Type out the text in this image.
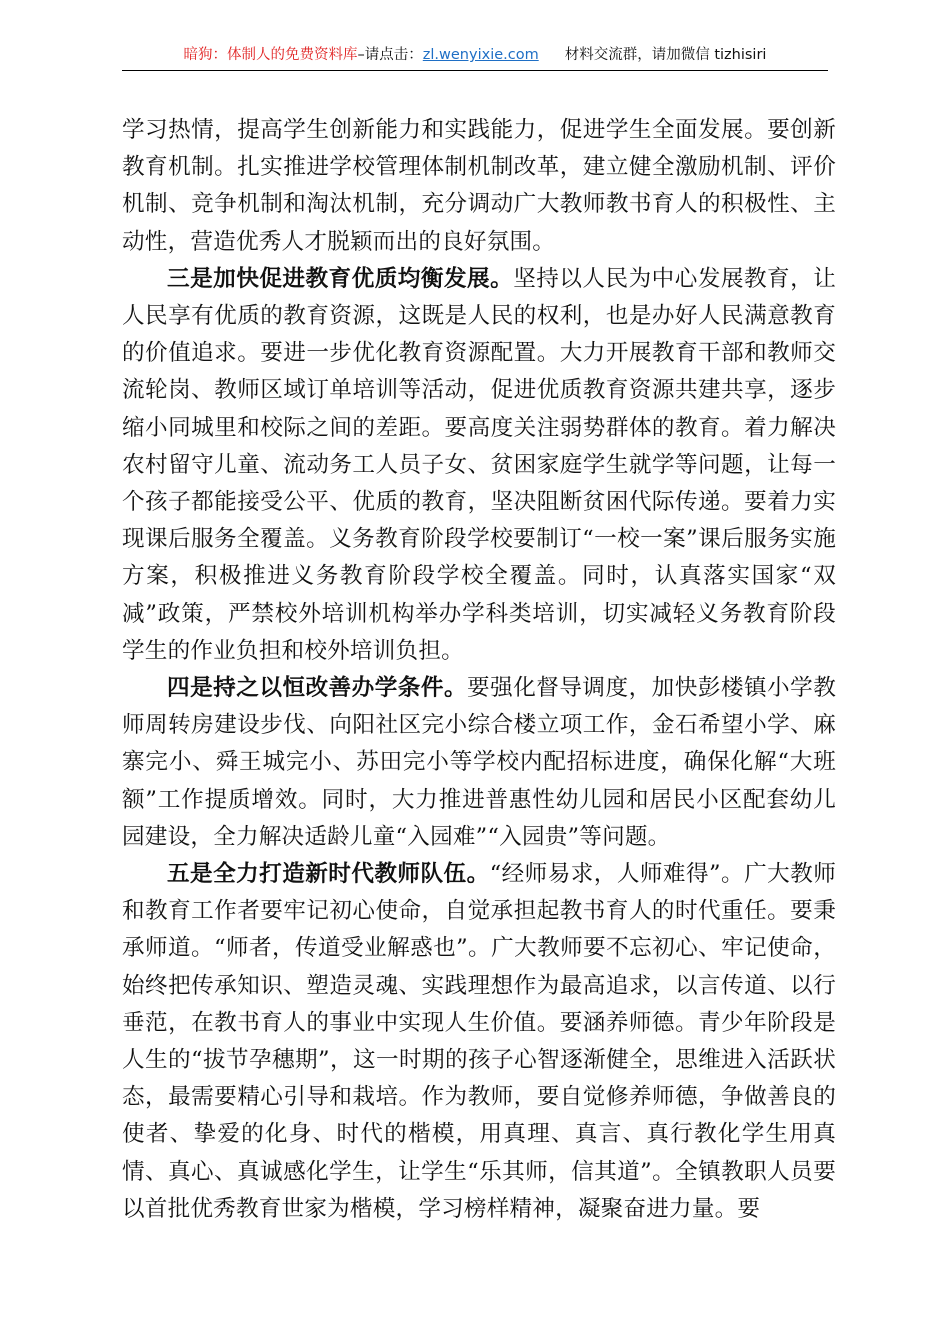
暗狗：体制人的免费资料库–请点击：zl.wenyixie.com 材料交流群，请加微信 tizhisiri

学习热情，提高学生创新能力和实践能力，促进学生全面发展。要创新教育机制。扎实推进学校管理体制机制改革，建立健全激励机制、评价机制、竞争机制和淘汰机制，充分调动广大教师教书育人的积极性、主动性，营造优秀人才脱颖而出的良好氛围。

三是加快促进教育优质均衡发展。坚持以人民为中心发展教育，让人民享有优质的教育资源，这既是人民的权利，也是办好人民满意教育的价值追求。要进一步优化教育资源配置。大力开展教育干部和教师交流轮岗、教师区域订单培训等活动，促进优质教育资源共建共享，逐步缩小同城里和校际之间的差距。要高度关注弱势群体的教育。着力解决农村留守儿童、流动务工人员子女、贫困家庭学生就学等问题，让每一个孩子都能接受公平、优质的教育，坚决阻断贫困代际传递。要着力实现课后服务全覆盖。义务教育阶段学校要制订“一校一案”课后服务实施方案，积极推进义务教育阶段学校全覆盖。同时，认真落实国家“双减”政策，严禁校外培训机构举办学科类培训，切实减轻义务教育阶段学生的作业负担和校外培训负担。

四是持之以恒改善办学条件。要强化督导调度，加快彭楼镇小学教师周转房建设步伐、向阳社区完小综合楼立项工作，金石希望小学、麻寨完小、舜王城完小、苏田完小等学校内配招标进度，确保化解“大班额”工作提质增效。同时，大力推进普惠性幼儿园和居民小区配套幼儿园建设，全力解决适龄儿童“入园难”“入园贵”等问题。

五是全力打造新时代教师队伍。“经师易求，人师难得”。广大教师和教育工作者要牢记初心使命，自觉承担起教书育人的时代重任。要秉承师道。“师者，传道受业解惑也”。广大教师要不忘初心、牢记使命，始终把传承知识、塑造灵魂、实践理想作为最高追求，以言传道、以行垂范，在教书育人的事业中实现人生价值。要涵养师德。青少年阶段是人生的“拔节孕穗期”，这一时期的孩子心智逐渐健全，思维进入活跃状态，最需要精心引导和栽培。作为教师，要自觉修养师德，争做善良的使者、挚爱的化身、时代的楷模，用真理、真言、真行教化学生用真情、真心、真诚感化学生，让学生“乐其师，信其道”。全镇教职人员要以首批优秀教育世家为楷模，学习榜样精神，凝聚奋进力量。要
